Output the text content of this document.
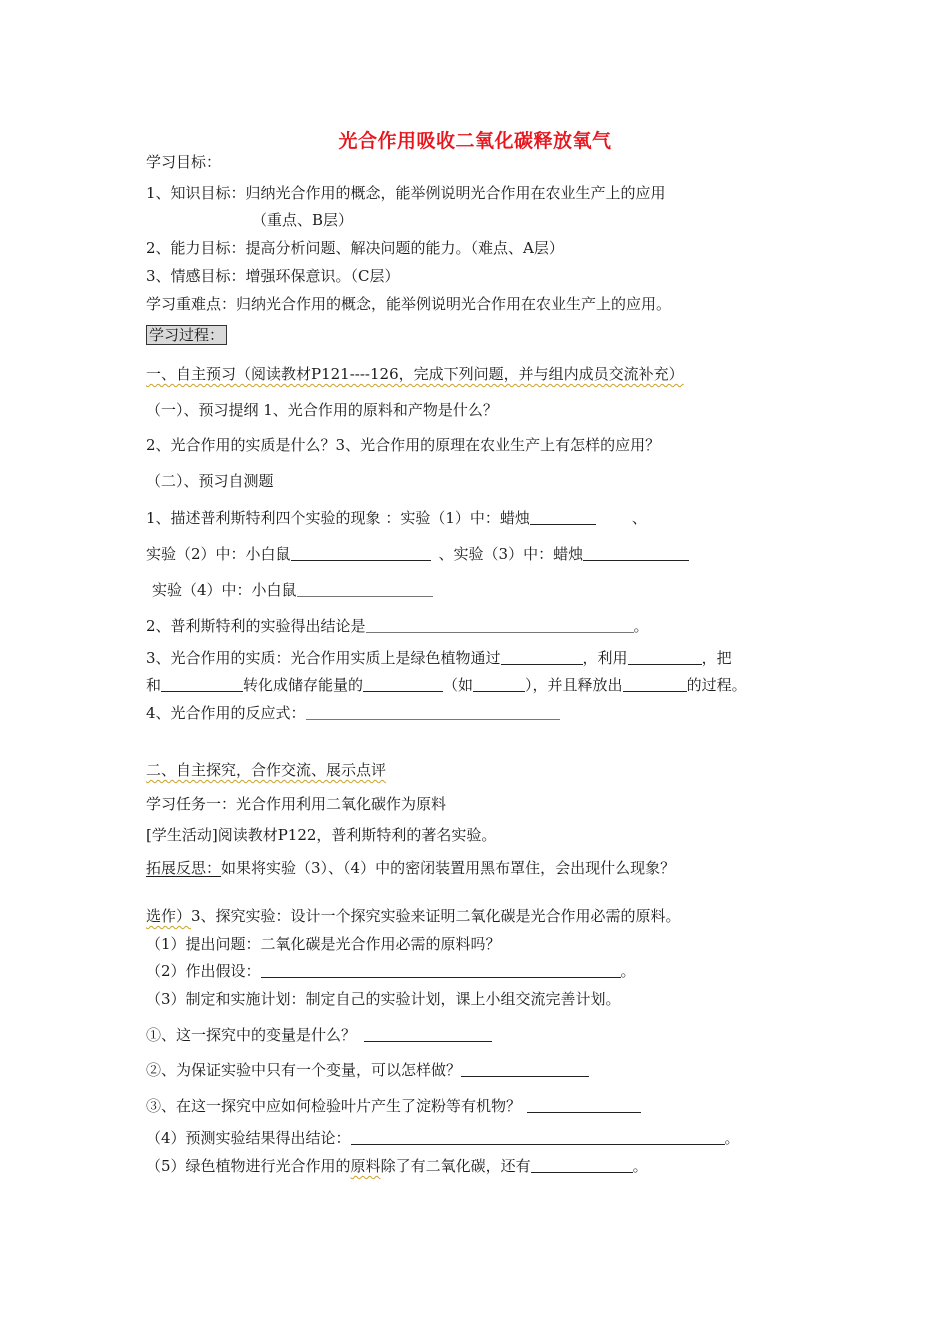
光合作用吸收二氧化碳释放氧气
学习目标：
1、知识目标：归纳光合作用的概念，能举例说明光合作用在农业生产上的应用
（重点、B层）
2、能力目标：提高分析问题、解决问题的能力。（难点、A层）
3、情感目标：增强环保意识。（C层）
学习重难点：归纳光合作用的概念，能举例说明光合作用在农业生产上的应用。
学习过程：
一、自主预习（阅读教材P121----126，完成下列问题，并与组内成员交流补充）
（一）、预习提纲 1、光合作用的原料和产物是什么？
2、光合作用的实质是什么？3、光合作用的原理在农业生产上有怎样的应用？
（二）、预习自测题
1、描述普利斯特利四个实验的现象 ：实验（1）中：蜡烛	、
实验（2）中：小白鼠	、实验（3）中：蜡烛
实验（4）中：小白鼠
2、普利斯特利的实验得出结论是	。
3、光合作用的实质：光合作用实质上是绿色植物通过	，利用	，把
和	转化成储存能量的	（如	），并且释放出	的过程。
4、光合作用的反应式：
二、自主探究，合作交流、展示点评
学习任务一：光合作用利用二氧化碳作为原料
[学生活动]阅读教材P122，普利斯特利的著名实验。
拓展反思：如果将实验（3）、（4）中的密闭装置用黑布罩住，会出现什么现象？
选作）3、探究实验：设计一个探究实验来证明二氧化碳是光合作用必需的原料。
（1）提出问题：二氧化碳是光合作用必需的原料吗？
（2）作出假设：	。
（3）制定和实施计划：制定自己的实验计划，课上小组交流完善计划。
①、这一探究中的变量是什么？
②、为保证实验中只有一个变量，可以怎样做？
③、在这一探究中应如何检验叶片产生了淀粉等有机物？
（4）预测实验结果得出结论：	。
（5）绿色植物进行光合作用的原料除了有二氧化碳，还有	。
